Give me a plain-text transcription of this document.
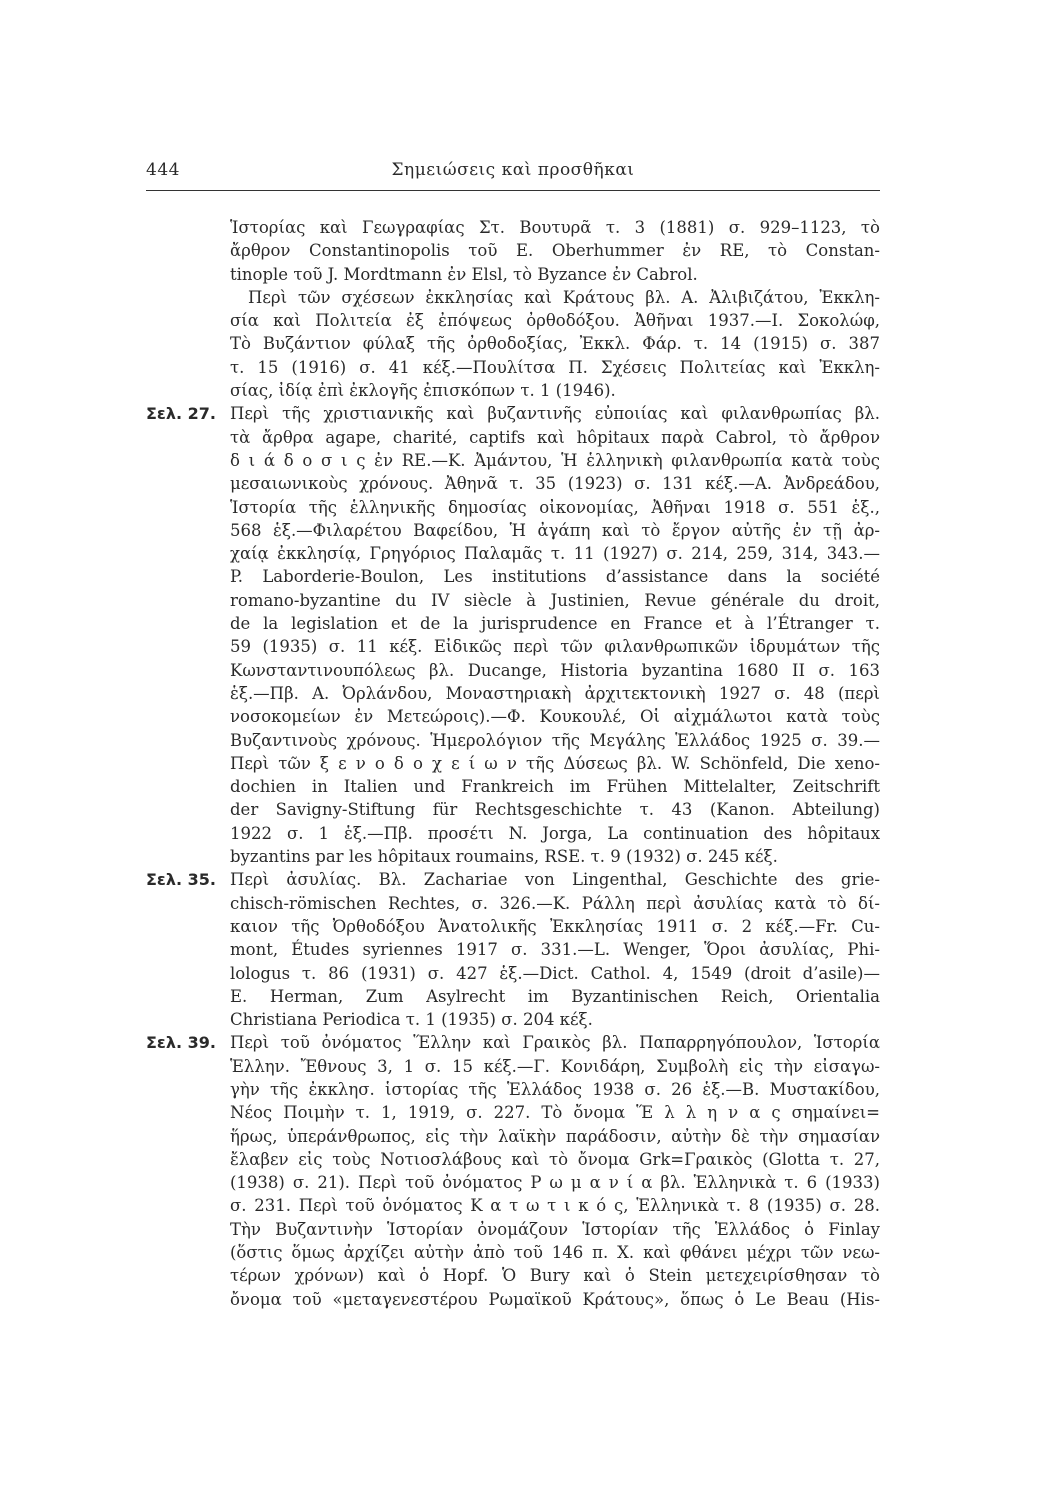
444	Σημειώσεις καὶ προσθῆκαι
Ἱστορίας καὶ Γεωγραφίας Στ. Βουτυρᾶ τ. 3 (1881) σ. 929–1123, τὸ
ἄρθρον Constantinopolis τοῦ E. Oberhummer ἐν RE, τὸ Constan-
tinople τοῦ J. Mordtmann ἐν Elsl, τὸ Byzance ἐν Cabrol.
Περὶ τῶν σχέσεων ἐκκλησίας καὶ Κράτους βλ. Α. Ἀλιβιζάτου, Ἐκκλη-
σία καὶ Πολιτεία ἐξ ἐπόψεως ὀρθοδόξου. Ἀθῆναι 1937.—Ι. Σοκολώφ,
Τὸ Βυζάντιον φύλαξ τῆς ὀρθοδοξίας, Ἐκκλ. Φάρ. τ. 14 (1915) σ. 387
τ. 15 (1916) σ. 41 κέξ.—Πουλίτσα Π. Σχέσεις Πολιτείας καὶ Ἐκκλη-
σίας, ἰδίᾳ ἐπὶ ἐκλογῆς ἐπισκόπων τ. 1 (1946).
Σελ. 27. Περὶ τῆς χριστιανικῆς καὶ βυζαντινῆς εὐποιίας καὶ φιλανθρωπίας βλ.
τὰ ἄρθρα agape, charité, captifs καὶ hôpitaux παρὰ Cabrol, τὸ ἄρθρον
δ ι ά δ ο σ ι ς ἐν RE.—Κ. Ἀμάντου, Ἡ ἑλληνικὴ φιλανθρωπία κατὰ τοὺς
μεσαιωνικοὺς χρόνους. Ἀθηνᾶ τ. 35 (1923) σ. 131 κέξ.—Α. Ἀνδρεάδου,
Ἱστορία τῆς ἑλληνικῆς δημοσίας οἰκονομίας, Ἀθῆναι 1918 σ. 551 ἑξ.,
568 ἑξ.—Φιλαρέτου Βαφείδου, Ἡ ἀγάπη καὶ τὸ ἔργον αὐτῆς ἐν τῇ ἀρ-
χαίᾳ ἐκκλησίᾳ, Γρηγόριος Παλαμᾶς τ. 11 (1927) σ. 214, 259, 314, 343.—
P. Laborderie-Boulon, Les institutions d’assistance dans la société
romano-byzantine du IV siècle à Justinien, Revue générale du droit,
de la legislation et de la jurisprudence en France et à l’Étranger τ.
59 (1935) σ. 11 κέξ. Εἰδικῶς περὶ τῶν φιλανθρωπικῶν ἱδρυμάτων τῆς
Κωνσταντινουπόλεως βλ. Ducange, Historia byzantina 1680 II σ. 163
ἑξ.—Πβ. Α. Ὀρλάνδου, Μοναστηριακὴ ἀρχιτεκτονικὴ 1927 σ. 48 (περὶ
νοσοκομείων ἐν Μετεώροις).—Φ. Κουκουλέ, Οἱ αἰχμάλωτοι κατὰ τοὺς
Βυζαντινοὺς χρόνους. Ἡμερολόγιον τῆς Μεγάλης Ἑλλάδος 1925 σ. 39.—
Περὶ τῶν ξ ε ν ο δ ο χ ε ί ω ν τῆς Δύσεως βλ. W. Schönfeld, Die xeno-
dochien in Italien und Frankreich im Frühen Mittelalter, Zeitschrift
der Savigny-Stiftung für Rechtsgeschichte τ. 43 (Kanon. Abteilung)
1922 σ. 1 ἑξ.—Πβ. προσέτι N. Jorga, La continuation des hôpitaux
byzantins par les hôpitaux roumains, RSE. τ. 9 (1932) σ. 245 κέξ.
Σελ. 35. Περὶ ἀσυλίας. Βλ. Zachariae von Lingenthal, Geschichte des grie-
chisch-römischen Rechtes, σ. 326.—Κ. Ράλλη περὶ ἀσυλίας κατὰ τὸ δί-
καιον τῆς Ὀρθοδόξου Ἀνατολικῆς Ἐκκλησίας 1911 σ. 2 κέξ.—Fr. Cu-
mont, Études syriennes 1917 σ. 331.—L. Wenger, Ὅροι ἀσυλίας, Phi-
lologus τ. 86 (1931) σ. 427 ἑξ.—Dict. Cathol. 4, 1549 (droit d’asile)—
E. Herman, Zum Asylrecht im Byzantinischen Reich, Orientalia
Christiana Periodica τ. 1 (1935) σ. 204 κέξ.
Σελ. 39. Περὶ τοῦ ὀνόματος Ἕλλην καὶ Γραικὸς βλ. Παπαρρηγόπουλον, Ἱστορία
Ἑλλην. Ἔθνους 3, 1 σ. 15 κέξ.—Γ. Κονιδάρη, Συμβολὴ εἰς τὴν εἰσαγω-
γὴν τῆς ἐκκλησ. ἱστορίας τῆς Ἑλλάδος 1938 σ. 26 ἑξ.—Β. Μυστακίδου,
Νέος Ποιμὴν τ. 1, 1919, σ. 227. Τὸ ὄνομα Ἕ λ λ η ν α ς σημαίνει=
ἥρως, ὑπεράνθρωπος, εἰς τὴν λαϊκὴν παράδοσιν, αὐτὴν δὲ τὴν σημασίαν
ἔλαβεν εἰς τοὺς Νοτιοσλάβους καὶ τὸ ὄνομα Grk=Γραικὸς (Glotta τ. 27,
(1938) σ. 21). Περὶ τοῦ ὀνόματος Ρ ω μ α ν ί α βλ. Ἑλληνικὰ τ. 6 (1933)
σ. 231. Περὶ τοῦ ὀνόματος Κ α τ ω τ ι κ ό ς, Ἑλληνικὰ τ. 8 (1935) σ. 28.
Τὴν Βυζαντινὴν Ἱστορίαν ὀνομάζουν Ἱστορίαν τῆς Ἑλλάδος ὁ Finlay
(ὅστις ὅμως ἀρχίζει αὐτὴν ἀπὸ τοῦ 146 π. Χ. καὶ φθάνει μέχρι τῶν νεω-
τέρων χρόνων) καὶ ὁ Hopf. Ὁ Bury καὶ ὁ Stein μετεχειρίσθησαν τὸ
ὄνομα τοῦ «μεταγενεστέρου Ρωμαϊκοῦ Κράτους», ὅπως ὁ Le Beau (His-
